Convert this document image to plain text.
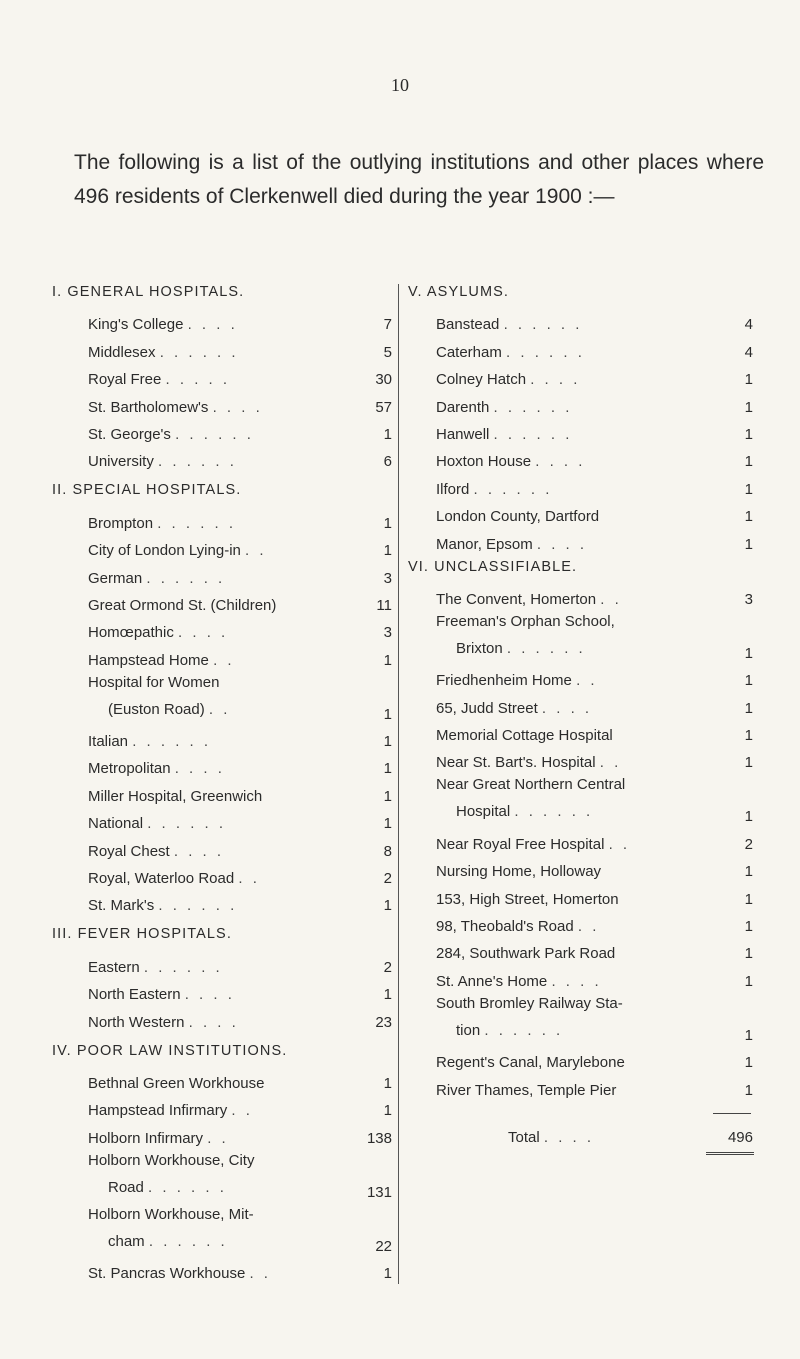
10
The following is a list of the outlying institutions and other places where 496 residents of Clerkenwell died during the year 1900 :—
I. GENERAL HOSPITALS.
King's College . . . .	7
Middlesex . . . . . .	5
Royal Free . . . . .	30
St. Bartholomew's . . . .	57
St. George's . . . . . .	1
University . . . . . .	6
II. SPECIAL HOSPITALS.
Brompton . . . . . .	1
City of London Lying-in . .	1
German . . . . . .	3
Great Ormond St. (Children)	11
Homœpathic . . . .	3
Hampstead Home . .	1
Hospital for Women
(Euston Road) . .	1
Italian . . . . . .	1
Metropolitan . . . .	1
Miller Hospital, Greenwich	1
National . . . . . .	1
Royal Chest . . . .	8
Royal, Waterloo Road . .	2
St. Mark's . . . . . .	1
III. FEVER HOSPITALS.
Eastern . . . . . .	2
North Eastern . . . .	1
North Western . . . .	23
IV. POOR LAW INSTITUTIONS.
Bethnal Green Workhouse	1
Hampstead Infirmary . .	1
Holborn Infirmary . .	138
Holborn Workhouse, City
Road . . . . . .	131
Holborn Workhouse, Mit-
cham . . . . . .	22
St. Pancras Workhouse . .	1
V. ASYLUMS.
Banstead . . . . . .	4
Caterham . . . . . .	4
Colney Hatch . . . .	1
Darenth . . . . . .	1
Hanwell . . . . . .	1
Hoxton House . . . .	1
Ilford . . . . . .	1
London County, Dartford	1
Manor, Epsom . . . .	1
VI. UNCLASSIFIABLE.
The Convent, Homerton . .	3
Freeman's Orphan School,
Brixton . . . . . .	1
Friedhenheim Home . .	1
65, Judd Street . . . .	1
Memorial Cottage Hospital	1
Near St. Bart's. Hospital . .	1
Near Great Northern Central
Hospital . . . . . .	1
Near Royal Free Hospital . .	2
Nursing Home, Holloway	1
153, High Street, Homerton	1
98, Theobald's Road . .	1
284, Southwark Park Road	1
St. Anne's Home . . . .	1
South Bromley Railway Sta-
tion . . . . . .	1
Regent's Canal, Marylebone	1
River Thames, Temple Pier	1
Total . . . .	496
